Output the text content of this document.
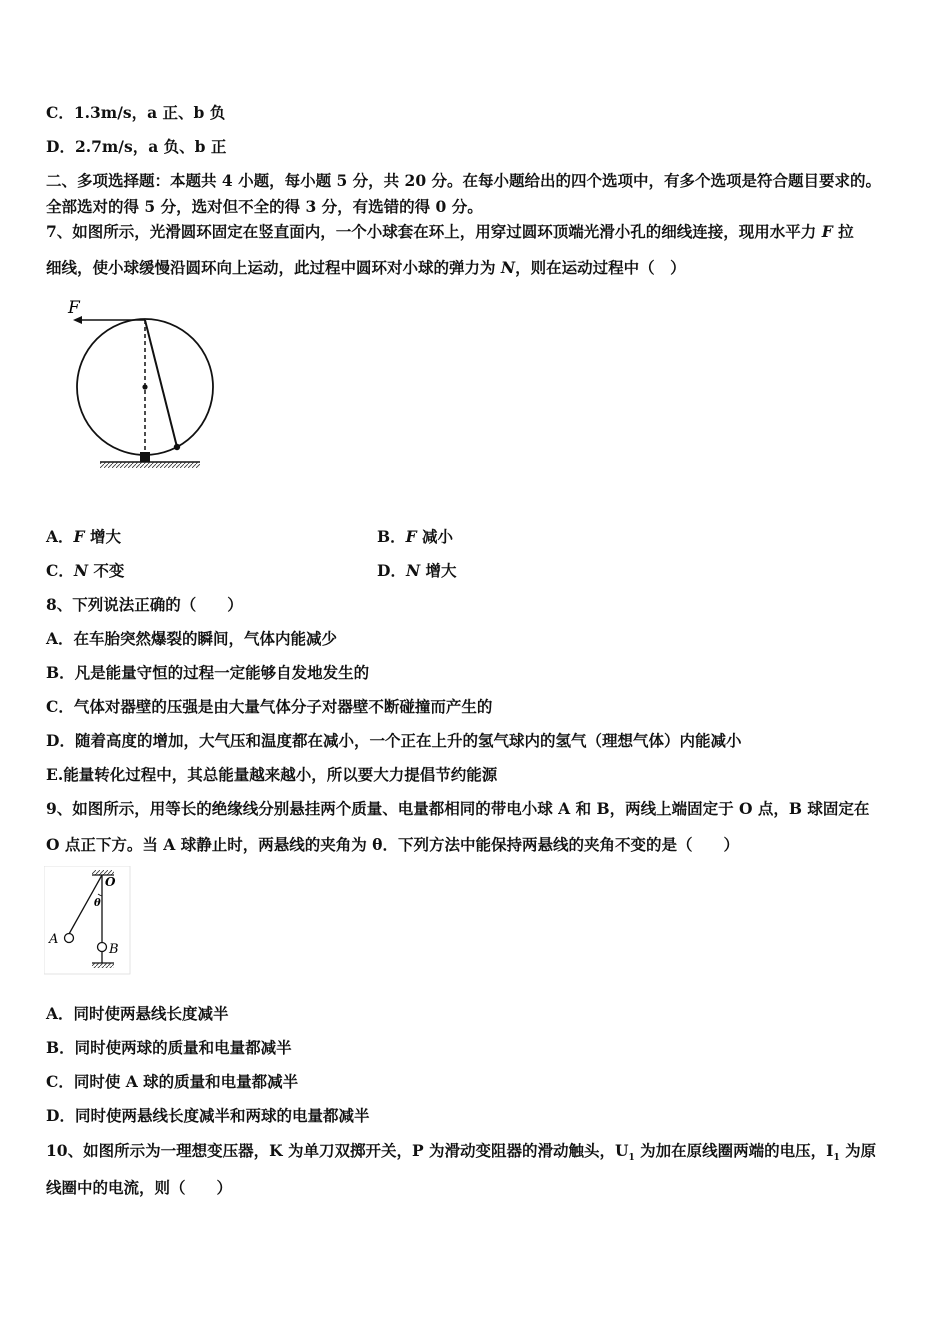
C．1.3m/s，a 正、b 负
D．2.7m/s，a 负、b 正
二、多项选择题：本题共 4 小题，每小题 5 分，共 20 分。在每小题给出的四个选项中，有多个选项是符合题目要求的。
全部选对的得 5 分，选对但不全的得 3 分，有选错的得 0 分。
7、如图所示，光滑圆环固定在竖直面内，一个小球套在环上，用穿过圆环顶端光滑小孔的细线连接，现用水平力 F 拉
细线，使小球缓慢沿圆环向上运动，此过程中圆环对小球的弹力为 N，则在运动过程中（　）
F
A．F 增大	B．F 减小
C．N 不变	D．N 增大
8、下列说法正确的（　　）
A．在车胎突然爆裂的瞬间，气体内能减少
B．凡是能量守恒的过程一定能够自发地发生的
C．气体对器壁的压强是由大量气体分子对器壁不断碰撞而产生的
D．随着高度的增加，大气压和温度都在减小，一个正在上升的氢气球内的氢气（理想气体）内能减小
E.能量转化过程中，其总能量越来越小，所以要大力提倡节约能源
9、如图所示，用等长的绝缘线分别悬挂两个质量、电量都相同的带电小球 A 和 B，两线上端固定于 O 点，B 球固定在
O 点正下方。当 A 球静止时，两悬线的夹角为 θ．下列方法中能保持两悬线的夹角不变的是（　　）
O
θ
A
B
A．同时使两悬线长度减半
B．同时使两球的质量和电量都减半
C．同时使 A 球的质量和电量都减半
D．同时使两悬线长度减半和两球的电量都减半
10、如图所示为一理想变压器，K 为单刀双掷开关，P 为滑动变阻器的滑动触头，$U_1$ 为加在原线圈两端的电压，$I_1$ 为原
线圈中的电流，则（　　）
